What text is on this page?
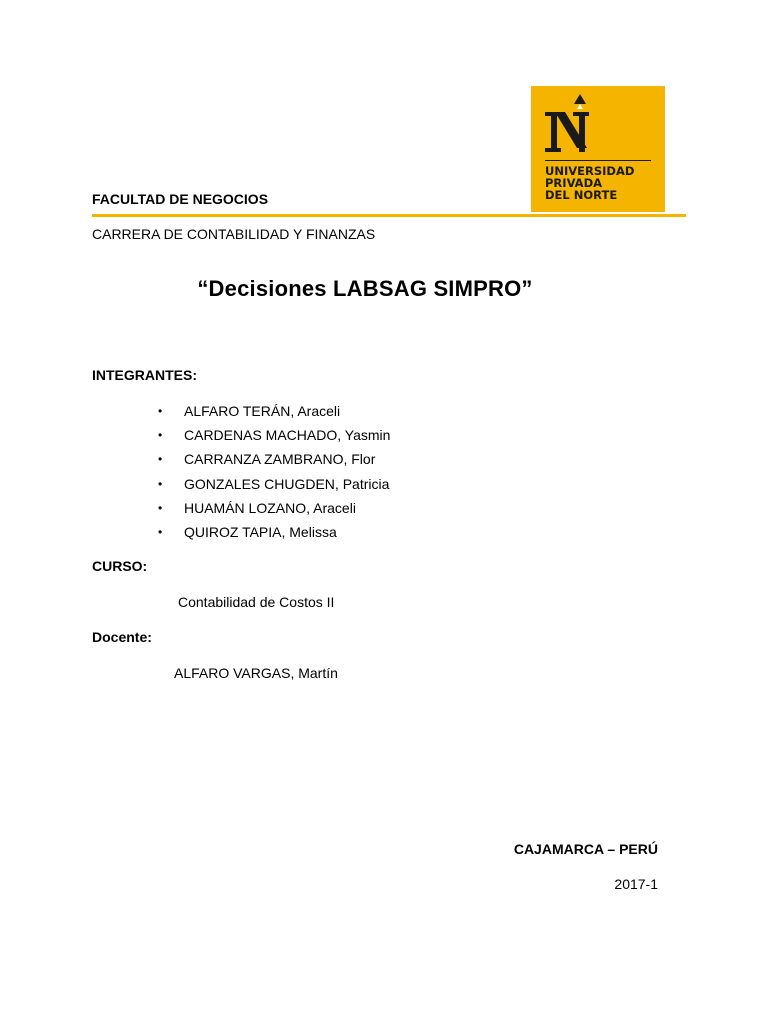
UNIVERSIDAD
PRIVADA
DEL NORTE
FACULTAD DE NEGOCIOS
CARRERA DE CONTABILIDAD Y FINANZAS
“Decisiones LABSAG SIMPRO”
INTEGRANTES:
•	ALFARO TERÁN, Araceli
•	CARDENAS MACHADO, Yasmin
•	CARRANZA ZAMBRANO, Flor
•	GONZALES CHUGDEN, Patricia
•	HUAMÁN LOZANO, Araceli
•	QUIROZ TAPIA, Melissa
CURSO:
Contabilidad de Costos II
Docente:
ALFARO VARGAS, Martín
CAJAMARCA – PERÚ
2017-1
